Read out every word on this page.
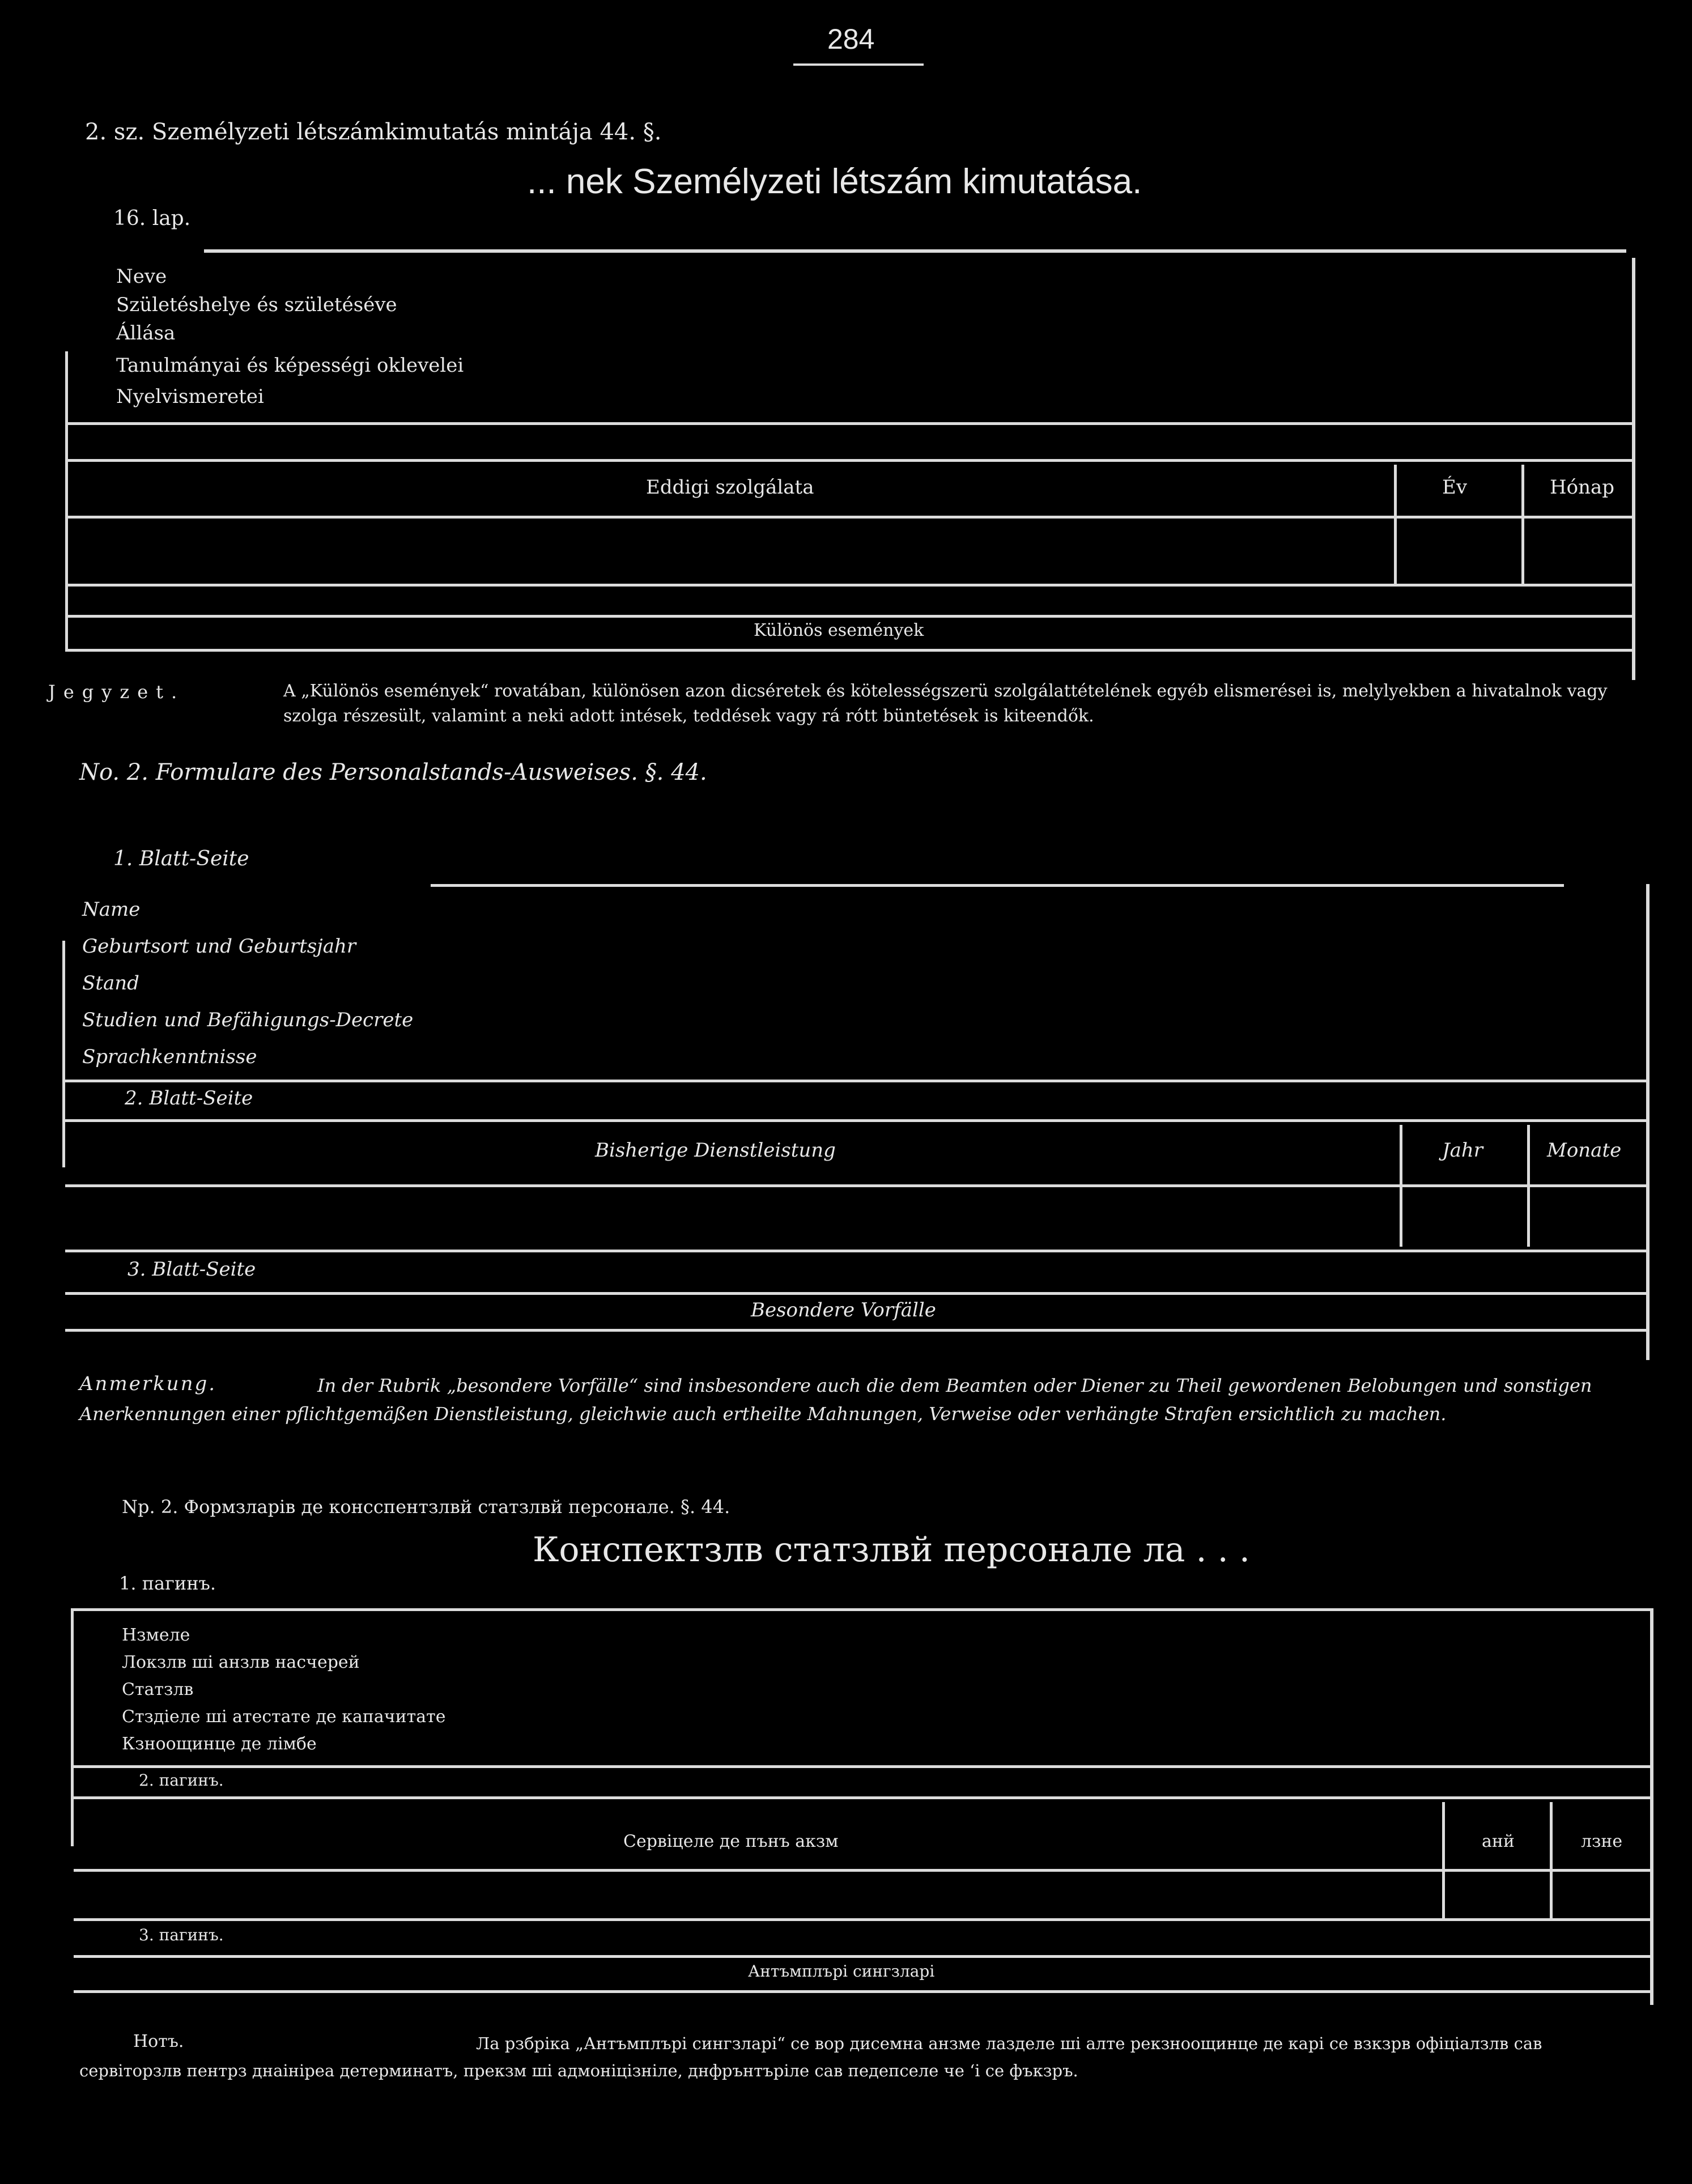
284
2. sz. Személyzeti létszámkimutatás mintája 44. §.
... nek Személyzeti létszám kimutatása.
16. lap.
Neve
Születéshelye és születéséve
Állása
Tanulmányai és képességi oklevelei
Nyelvismeretei
Eddigi szolgálata	Év	Hónap
Különös események
Jegyzet.	A „Különös események“ rovatában, különösen azon dicséretek és kötelességszerü szolgálattételének egyéb elismerései is, melylyekben a hivatalnok vagy szolga részesült, valamint a neki adott intések, teddések vagy rá rótt büntetések is kiteendők.
No. 2. Formulare des Personalstands-Ausweises. §. 44.
1. Blatt-Seite
Name
Geburtsort und Geburtsjahr
Stand
Studien und Befähigungs-Decrete
Sprachkenntnisse
2. Blatt-Seite
Bisherige Dienstleistung	Jahr	Monate
3. Blatt-Seite
Besondere Vorfälle
Anmerkung.	In der Rubrik „besondere Vorfälle“ sind insbesondere auch die dem Beamten oder Diener zu Theil gewordenen Belobungen und sonstigen Anerkennungen einer pflichtgemäßen Dienstleistung, gleichwie auch ertheilte Mahnungen, Verweise oder verhängte Strafen ersichtlich zu machen.
Nр. 2. Формзларiв де консcпентзлвй статзлвй персонале. §. 44.
Конспектзлв статзлвй персонале ла . . .
1. пагинъ.
Нзмеле
Локзлв шi анзлв насчерей
Статзлв
Стздiеле шi атестате де капачитате
Кзноощинцe де лiмбе
2. пагинъ.
Сервiцеле де пънъ акзм	анй	лзне
3. пагинъ.
Антъмплърi сингзларi
Нотъ.	Ла рзбрiка „Антъмплърi сингзларi“ се вор дисемна анзме лазделе шi алте рекзноощинце де карi се взкзрв офiцiалзлв сав сервiторзлв пентрз днаiнiреа детерминатъ, прекзм шi адмонiцiзнiле, днфрънтърiле сав педепселе че ‘i се фъкзръ.
